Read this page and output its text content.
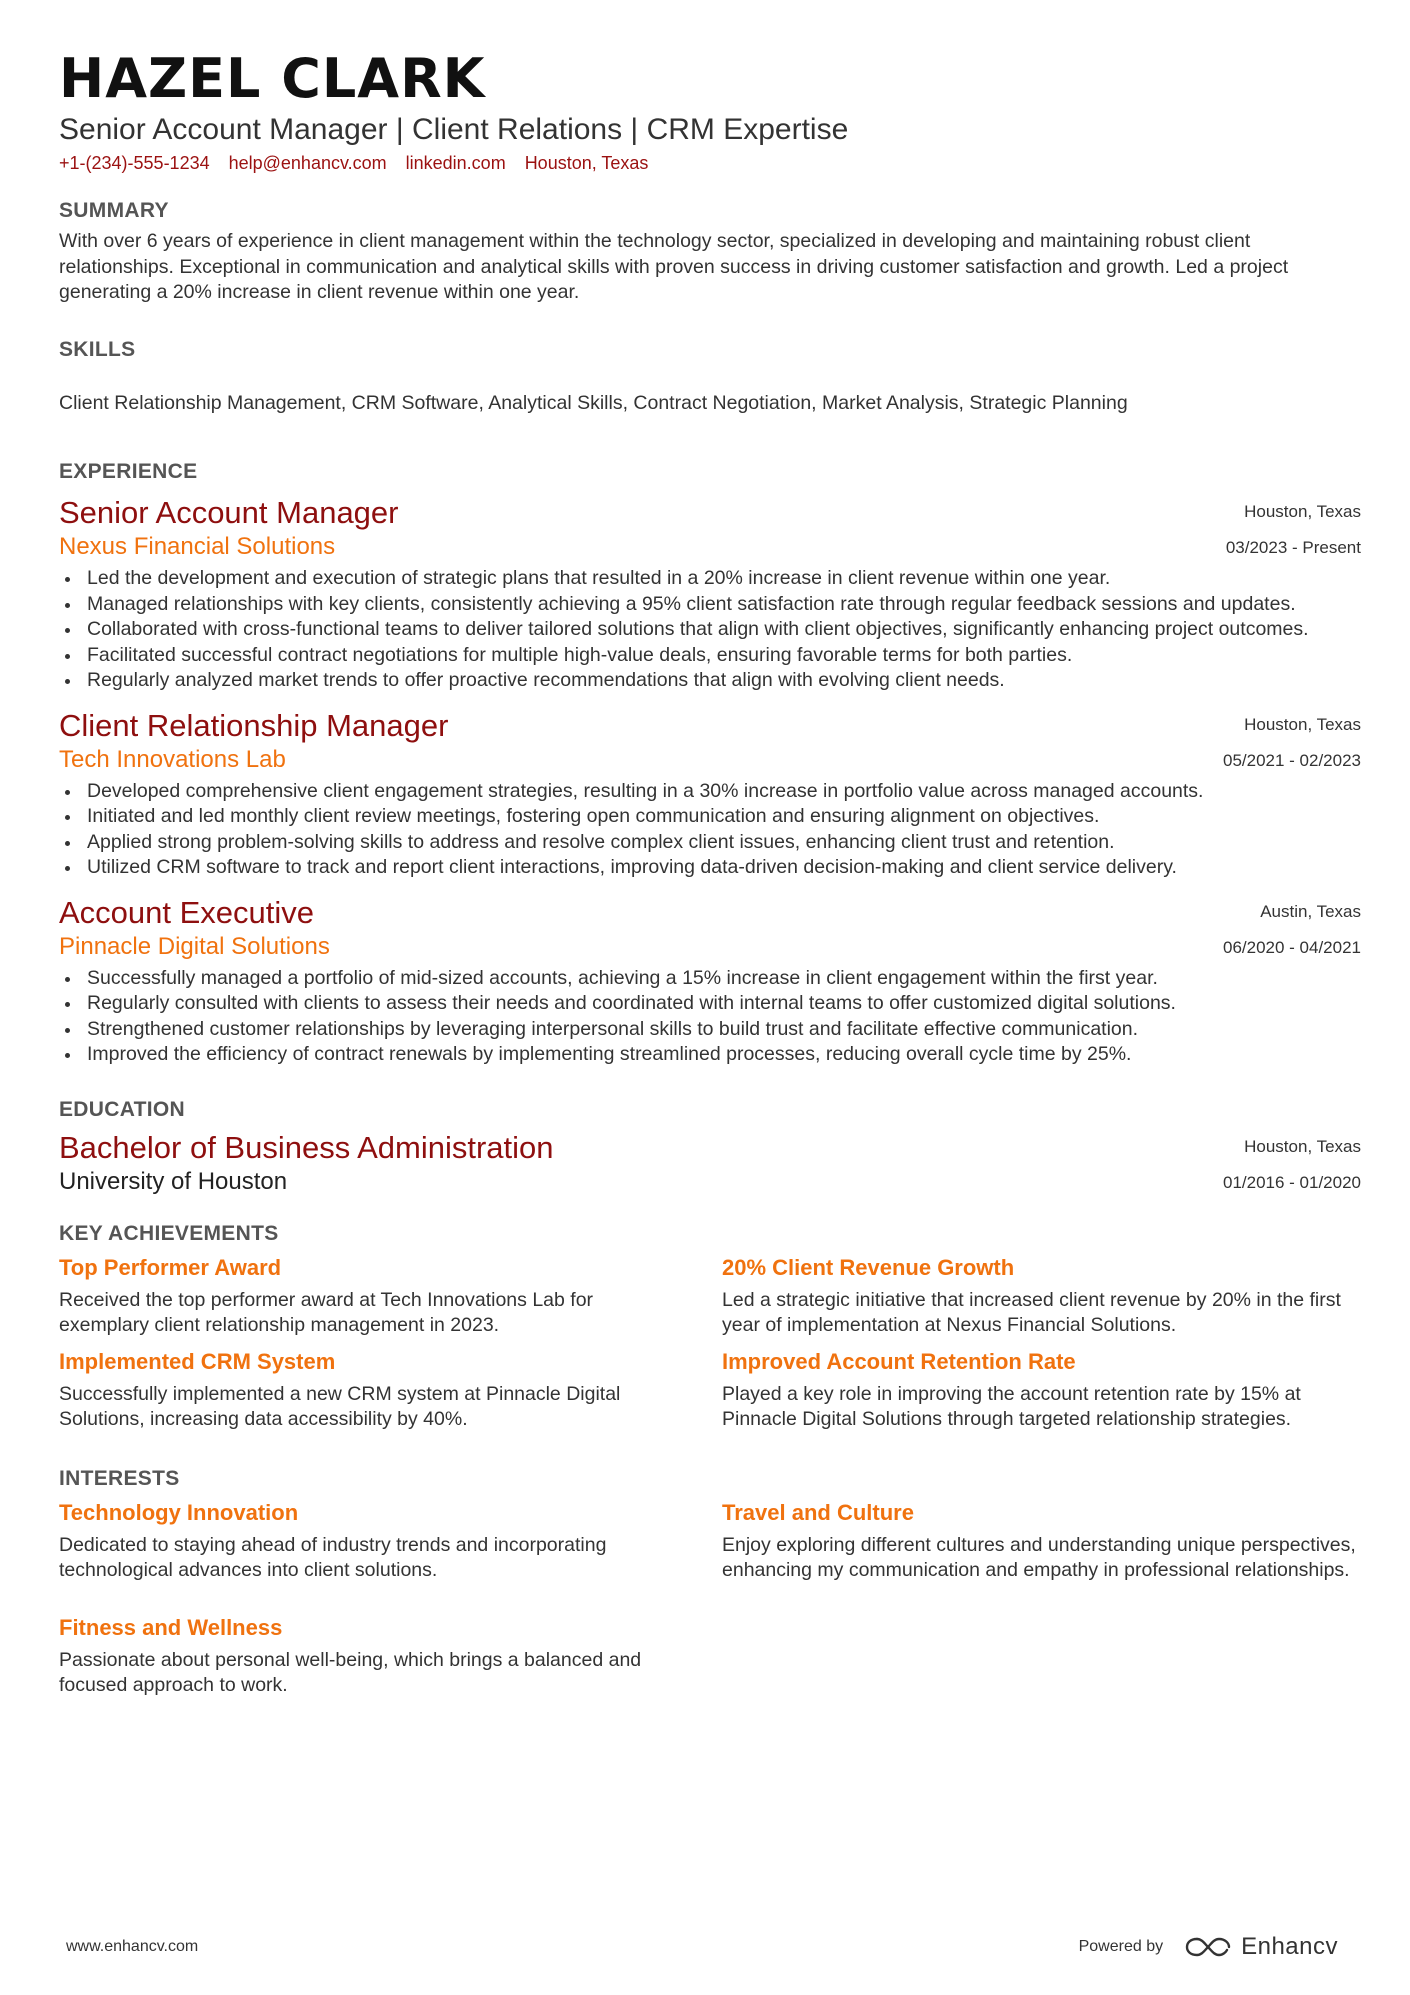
HAZEL CLARK
Senior Account Manager | Client Relations | CRM Expertise
+1-(234)-555-1234 help@enhancv.com linkedin.com Houston, Texas
SUMMARY
With over 6 years of experience in client management within the technology sector, specialized in developing and maintaining robust client relationships. Exceptional in communication and analytical skills with proven success in driving customer satisfaction and growth. Led a project generating a 20% increase in client revenue within one year.
SKILLS
Client Relationship Management, CRM Software, Analytical Skills, Contract Negotiation, Market Analysis, Strategic Planning
EXPERIENCE
Senior Account Manager
Nexus Financial Solutions
Houston, Texas
03/2023 - Present
Led the development and execution of strategic plans that resulted in a 20% increase in client revenue within one year.
Managed relationships with key clients, consistently achieving a 95% client satisfaction rate through regular feedback sessions and updates.
Collaborated with cross-functional teams to deliver tailored solutions that align with client objectives, significantly enhancing project outcomes.
Facilitated successful contract negotiations for multiple high-value deals, ensuring favorable terms for both parties.
Regularly analyzed market trends to offer proactive recommendations that align with evolving client needs.
Client Relationship Manager
Tech Innovations Lab
Houston, Texas
05/2021 - 02/2023
Developed comprehensive client engagement strategies, resulting in a 30% increase in portfolio value across managed accounts.
Initiated and led monthly client review meetings, fostering open communication and ensuring alignment on objectives.
Applied strong problem-solving skills to address and resolve complex client issues, enhancing client trust and retention.
Utilized CRM software to track and report client interactions, improving data-driven decision-making and client service delivery.
Account Executive
Pinnacle Digital Solutions
Austin, Texas
06/2020 - 04/2021
Successfully managed a portfolio of mid-sized accounts, achieving a 15% increase in client engagement within the first year.
Regularly consulted with clients to assess their needs and coordinated with internal teams to offer customized digital solutions.
Strengthened customer relationships by leveraging interpersonal skills to build trust and facilitate effective communication.
Improved the efficiency of contract renewals by implementing streamlined processes, reducing overall cycle time by 25%.
EDUCATION
Bachelor of Business Administration
University of Houston
Houston, Texas
01/2016 - 01/2020
KEY ACHIEVEMENTS
Top Performer Award
Received the top performer award at Tech Innovations Lab for exemplary client relationship management in 2023.
20% Client Revenue Growth
Led a strategic initiative that increased client revenue by 20% in the first year of implementation at Nexus Financial Solutions.
Implemented CRM System
Successfully implemented a new CRM system at Pinnacle Digital Solutions, increasing data accessibility by 40%.
Improved Account Retention Rate
Played a key role in improving the account retention rate by 15% at Pinnacle Digital Solutions through targeted relationship strategies.
INTERESTS
Technology Innovation
Dedicated to staying ahead of industry trends and incorporating technological advances into client solutions.
Travel and Culture
Enjoy exploring different cultures and understanding unique perspectives, enhancing my communication and empathy in professional relationships.
Fitness and Wellness
Passionate about personal well-being, which brings a balanced and focused approach to work.
www.enhancv.com	Powered by	Enhancv
